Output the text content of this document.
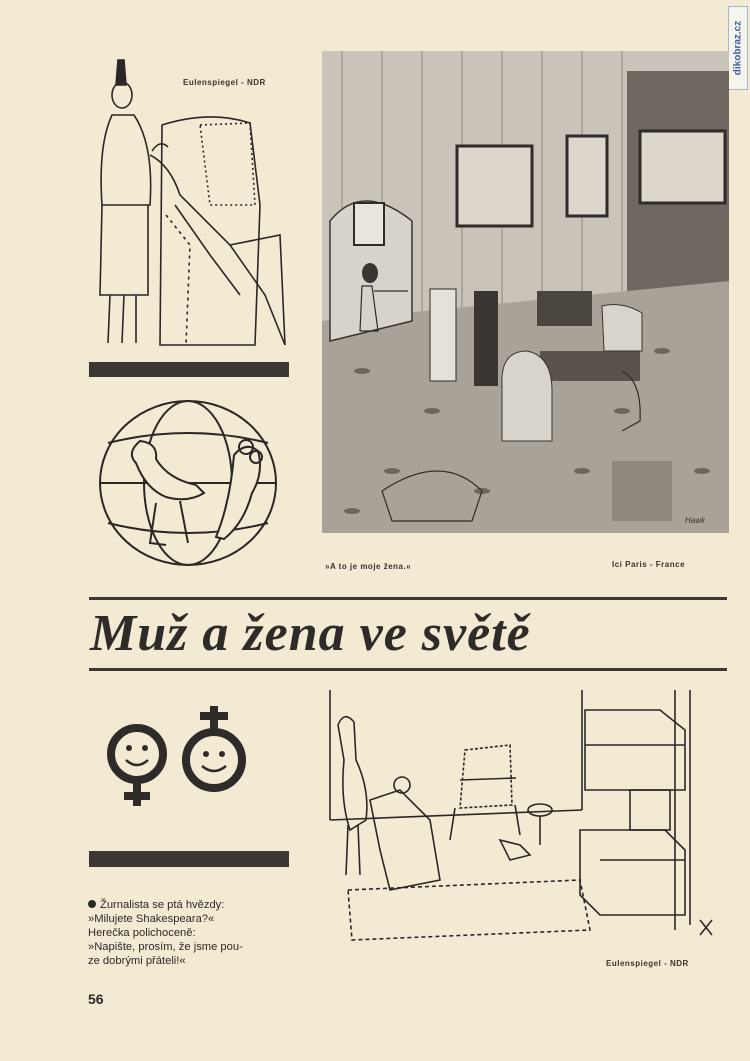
dikobraz.cz
Eulenspiegel - NDR
Hawk
»A to je moje žena.«	Ici Paris - France
Muž a žena ve světě

Žurnalista se ptá hvězdy:

»Milujete Shakespeara?«

Herečka polichoceně:

»Napište, prosím, že jsme pou-

ze dobrými přáteli!«

56
Eulenspiegel - NDR
